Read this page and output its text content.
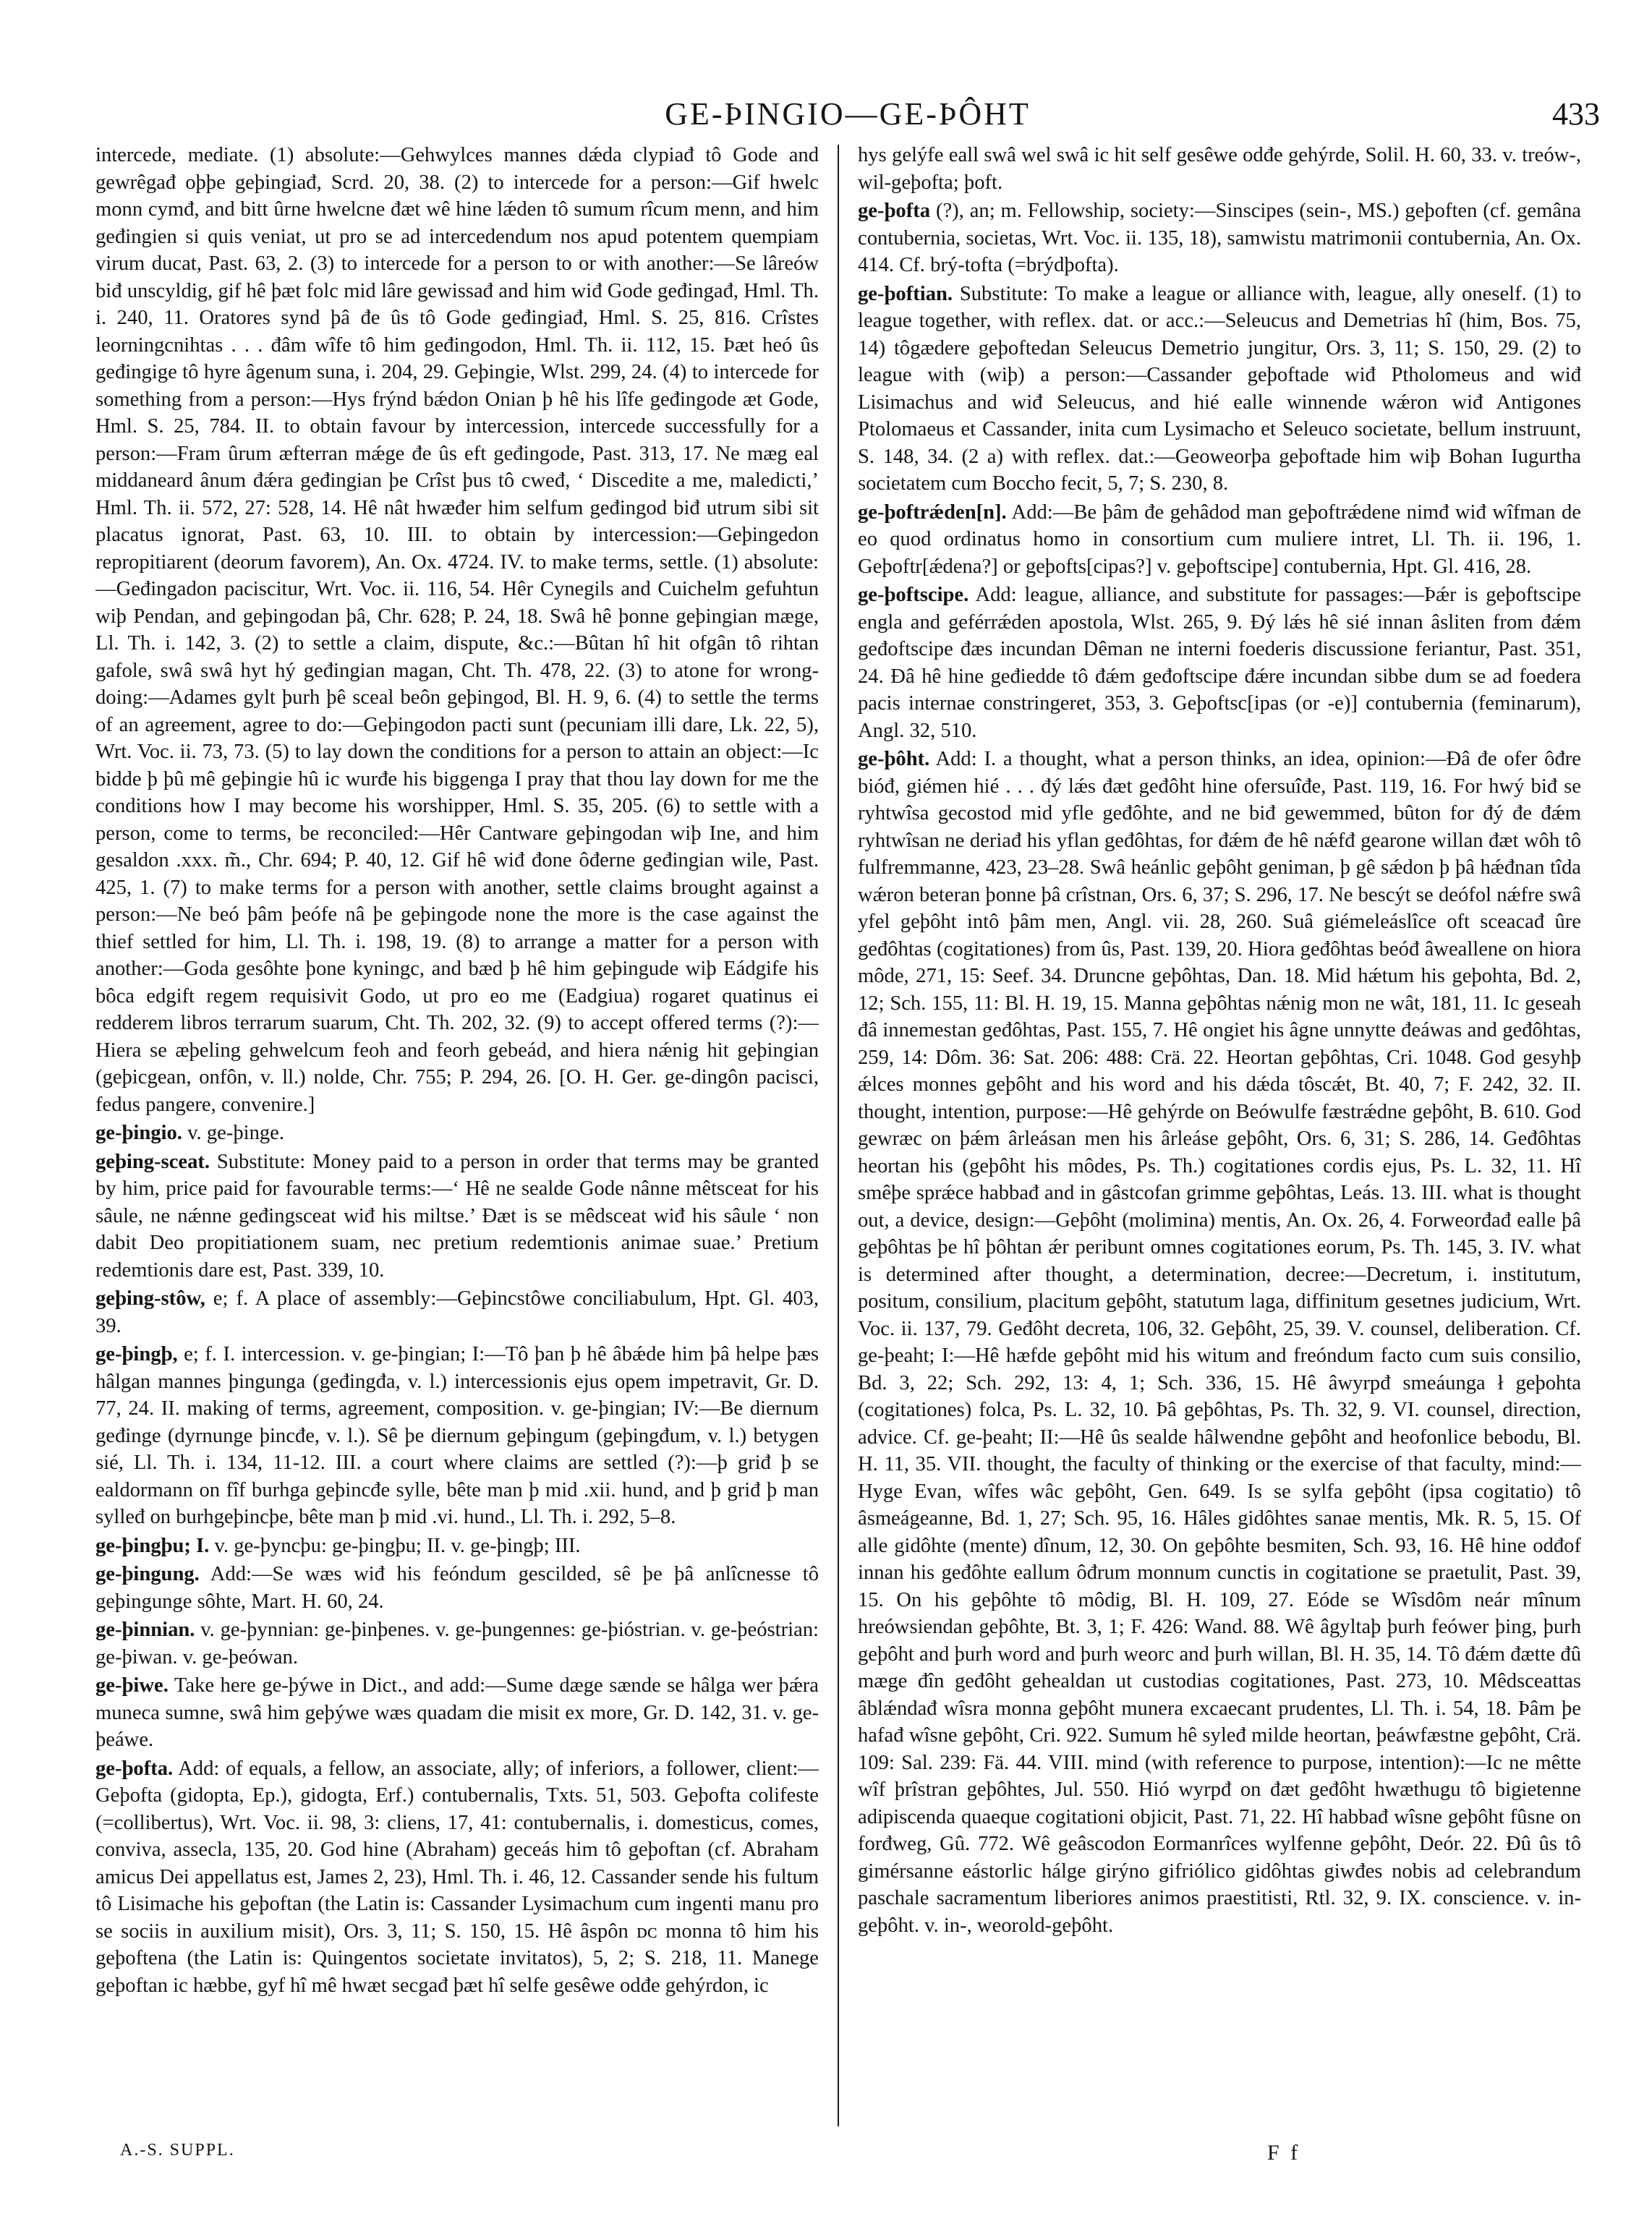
GE-ÞINGIO—GE-ÞÔHT	433

intercede, mediate. (1) absolute:—Gehwylces mannes dǽda clypiađ tô Gode and gewrêgađ oþþe geþingiađ, Scrd. 20, 38. (2) to intercede for a person:—Gif hwelc monn cymđ, and bitt ûrne hwelcne đæt wê hine lǽden tô sumum rîcum menn, and him geđingien si quis veniat, ut pro se ad intercedendum nos apud potentem quempiam virum ducat, Past. 63, 2. (3) to intercede for a person to or with another:—Se lâreów biđ unscyldig, gif hê þæt folc mid lâre gewissađ and him wiđ Gode geđingađ, Hml. Th. i. 240, 11. Oratores synd þâ đe ûs tô Gode geđingiađ, Hml. S. 25, 816. Crîstes leorningcnihtas . . . đâm wîfe tô him geđingodon, Hml. Th. ii. 112, 15. Þæt heó ûs geđingige tô hyre âgenum suna, i. 204, 29. Geþingie, Wlst. 299, 24. (4) to intercede for something from a person:—Hys frýnd bǽdon Onian þ hê his lîfe geđingode æt Gode, Hml. S. 25, 784. II. to obtain favour by intercession, intercede successfully for a person:—Fram ûrum æfterran mǽge đe ûs eft geđingode, Past. 313, 17. Ne mæg eal middaneard ânum đǽra geđingian þe Crîst þus tô cweđ, ‘ Discedite a me, maledicti,’ Hml. Th. ii. 572, 27: 528, 14. Hê nât hwæđer him selfum geđingod biđ utrum sibi sit placatus ignorat, Past. 63, 10. III. to obtain by intercession:—Geþingedon repropitiarent (deorum favorem), An. Ox. 4724. IV. to make terms, settle. (1) absolute:—Geđingadon paciscitur, Wrt. Voc. ii. 116, 54. Hêr Cynegils and Cuichelm gefuhtun wiþ Pendan, and geþingodan þâ, Chr. 628; P. 24, 18. Swâ hê þonne geþingian mæge, Ll. Th. i. 142, 3. (2) to settle a claim, dispute, &c.:—Bûtan hî hit ofgân tô rihtan gafole, swâ swâ hyt hý geđingian magan, Cht. Th. 478, 22. (3) to atone for wrong-doing:—Adames gylt þurh þê sceal beôn geþingod, Bl. H. 9, 6. (4) to settle the terms of an agreement, agree to do:—Geþingodon pacti sunt (pecuniam illi dare, Lk. 22, 5), Wrt. Voc. ii. 73, 73. (5) to lay down the conditions for a person to attain an object:—Ic bidde þ þû mê geþingie hû ic wurđe his biggenga I pray that thou lay down for me the conditions how I may become his worshipper, Hml. S. 35, 205. (6) to settle with a person, come to terms, be reconciled:—Hêr Cantware geþingodan wiþ Ine, and him gesaldon .xxx. m̃., Chr. 694; P. 40, 12. Gif hê wiđ đone ôđerne geđingian wile, Past. 425, 1. (7) to make terms for a person with another, settle claims brought against a person:—Ne beó þâm þeófe nâ þe geþingode none the more is the case against the thief settled for him, Ll. Th. i. 198, 19. (8) to arrange a matter for a person with another:—Goda gesôhte þone kyningc, and bæd þ hê him geþingude wiþ Eádgife his bôca edgift regem requisivit Godo, ut pro eo me (Eadgiua) rogaret quatinus ei redderem libros terrarum suarum, Cht. Th. 202, 32. (9) to accept offered terms (?):—Hiera se æþeling gehwelcum feoh and feorh gebeád, and hiera nǽnig hit geþingian (geþicgean, onfôn, v. ll.) nolde, Chr. 755; P. 294, 26. [O. H. Ger. ge-dingôn pacisci, fedus pangere, convenire.]

ge-þingio. v. ge-þinge.

geþing-sceat. Substitute: Money paid to a person in order that terms may be granted by him, price paid for favourable terms:—‘ Hê ne sealde Gode nânne mêtsceat for his sâule, ne nǽnne geđingsceat wiđ his miltse.’ Đæt is se mêdsceat wiđ his sâule ‘ non dabit Deo propitiationem suam, nec pretium redemtionis animae suae.’ Pretium redemtionis dare est, Past. 339, 10.

geþing-stôw, e; f. A place of assembly:—Geþincstôwe conciliabulum, Hpt. Gl. 403, 39.

ge-þingþ, e; f. I. intercession. v. ge-þingian; I:—Tô þan þ hê âbǽde him þâ helpe þæs hâlgan mannes þingunga (geđingđa, v. l.) intercessionis ejus opem impetravit, Gr. D. 77, 24. II. making of terms, agreement, composition. v. ge-þingian; IV:—Be diernum geđinge (dyrnunge þincđe, v. l.). Sê þe diernum geþingum (geþingđum, v. l.) betygen sié, Ll. Th. i. 134, 11-12. III. a court where claims are settled (?):—þ griđ þ se ealdormann on fîf burhga geþincđe sylle, bête man þ mid .xii. hund, and þ griđ þ man sylleđ on burhgeþincþe, bête man þ mid .vi. hund., Ll. Th. i. 292, 5–8.

ge-þingþu; I. v. ge-þyncþu: ge-þingþu; II. v. ge-þingþ; III.

ge-þingung. Add:—Se wæs wiđ his feóndum gescilded, sê þe þâ anlîcnesse tô geþingunge sôhte, Mart. H. 60, 24.

ge-þinnian. v. ge-þynnian: ge-þinþenes. v. ge-þungennes: ge-þióstrian. v. ge-þeóstrian: ge-þiwan. v. ge-þeówan.

ge-þiwe. Take here ge-þýwe in Dict., and add:—Sume dæge sænde se hâlga wer þǽra muneca sumne, swâ him geþýwe wæs quadam die misit ex more, Gr. D. 142, 31. v. ge-þeáwe.

ge-þofta. Add: of equals, a fellow, an associate, ally; of inferiors, a follower, client:—Geþofta (gidopta, Ep.), gidogta, Erf.) contubernalis, Txts. 51, 503. Geþofta colifeste (=collibertus), Wrt. Voc. ii. 98, 3: cliens, 17, 41: contubernalis, i. domesticus, comes, conviva, assecla, 135, 20. God hine (Abraham) geceás him tô geþoftan (cf. Abraham amicus Dei appellatus est, James 2, 23), Hml. Th. i. 46, 12. Cassander sende his fultum tô Lisimache his geþoftan (the Latin is: Cassander Lysimachum cum ingenti manu pro se sociis in auxilium misit), Ors. 3, 11; S. 150, 15. Hê âspôn ᴅᴄ monna tô him his geþoftena (the Latin is: Quingentos societate invitatos), 5, 2; S. 218, 11. Manege geþoftan ic hæbbe, gyf hî mê hwæt secgađ þæt hî selfe gesêwe odđe gehýrdon, ic

hys gelýfe eall swâ wel swâ ic hit self gesêwe odđe gehýrde, Solil. H. 60, 33. v. treów-, wil-geþofta; þoft.

ge-þofta (?), an; m. Fellowship, society:—Sinscipes (sein-, MS.) geþoften (cf. gemâna contubernia, societas, Wrt. Voc. ii. 135, 18), samwistu matrimonii contubernia, An. Ox. 414. Cf. brý-tofta (=brýdþofta).

ge-þoftian. Substitute: To make a league or alliance with, league, ally oneself. (1) to league together, with reflex. dat. or acc.:—Seleucus and Demetrias hî (him, Bos. 75, 14) tôgædere geþoftedan Seleucus Demetrio jungitur, Ors. 3, 11; S. 150, 29. (2) to league with (wiþ) a person:—Cassander geþoftade wiđ Ptholomeus and wiđ Lisimachus and wiđ Seleucus, and hié ealle winnende wǽron wiđ Antigones Ptolomaeus et Cassander, inita cum Lysimacho et Seleuco societate, bellum instruunt, S. 148, 34. (2 a) with reflex. dat.:—Geoweorþa geþoftade him wiþ Bohan Iugurtha societatem cum Boccho fecit, 5, 7; S. 230, 8.

ge-þoftrǽden[n]. Add:—Be þâm đe gehâdod man geþoftrǽdene nimđ wiđ wîfman de eo quod ordinatus homo in consortium cum muliere intret, Ll. Th. ii. 196, 1. Geþoftr[ǽdena?] or geþofts[cipas?] v. geþoftscipe] contubernia, Hpt. Gl. 416, 28.

ge-þoftscipe. Add: league, alliance, and substitute for passages:—Þǽr is geþoftscipe engla and geférrǽden apostola, Wlst. 265, 9. Đý lǽs hê sié innan âsliten from đǽm geđoftscipe đæs incundan Dêman ne interni foederis discussione feriantur, Past. 351, 24. Đâ hê hine geđiedde tô đǽm geđoftscipe đǽre incundan sibbe dum se ad foedera pacis internae constringeret, 353, 3. Geþoftsc[ipas (or -e)] contubernia (feminarum), Angl. 32, 510.

ge-þôht. Add: I. a thought, what a person thinks, an idea, opinion:—Đâ đe ofer ôđre bióđ, giémen hié . . . đý lǽs đæt geđôht hine ofersuîđe, Past. 119, 16. For hwý biđ se ryhtwîsa gecostod mid yfle geđôhte, and ne biđ gewemmed, bûton for đý đe đǽm ryhtwîsan ne deriađ his yflan geđôhtas, for đǽm đe hê nǽfđ gearone willan đæt wôh tô fulfremmanne, 423, 23–28. Swâ heánlic geþôht geniman, þ gê sǽdon þ þâ hǽđnan tîda wǽron beteran þonne þâ crîstnan, Ors. 6, 37; S. 296, 17. Ne bescýt se deófol nǽfre swâ yfel geþôht intô þâm men, Angl. vii. 28, 260. Suâ giémeleáslîce oft sceacađ ûre geđôhtas (cogitationes) from ûs, Past. 139, 20. Hiora geđôhtas beóđ âweallene on hiora môde, 271, 15: Seef. 34. Druncne geþôhtas, Dan. 18. Mid hǽtum his geþohta, Bd. 2, 12; Sch. 155, 11: Bl. H. 19, 15. Manna geþôhtas nǽnig mon ne wât, 181, 11. Ic geseah đâ innemestan geđôhtas, Past. 155, 7. Hê ongiet his âgne unnytte đeáwas and geđôhtas, 259, 14: Dôm. 36: Sat. 206: 488: Crä. 22. Heortan geþôhtas, Cri. 1048. God gesyhþ ǽlces monnes geþôht and his word and his dǽda tôscǽt, Bt. 40, 7; F. 242, 32. II. thought, intention, purpose:—Hê gehýrde on Beówulfe fæstrǽdne geþôht, B. 610. God gewræc on þǽm ârleásan men his ârleáse geþôht, Ors. 6, 31; S. 286, 14. Geđôhtas heortan his (geþôht his môdes, Ps. Th.) cogitationes cordis ejus, Ps. L. 32, 11. Hî smêþe sprǽce habbađ and in gâstcofan grimme geþôhtas, Leás. 13. III. what is thought out, a device, design:—Geþôht (molimina) mentis, An. Ox. 26, 4. Forweorđađ ealle þâ geþôhtas þe hî þôhtan ǽr peribunt omnes cogitationes eorum, Ps. Th. 145, 3. IV. what is determined after thought, a determination, decree:—Decretum, i. institutum, positum, consilium, placitum geþôht, statutum laga, diffinitum gesetnes judicium, Wrt. Voc. ii. 137, 79. Geđôht decreta, 106, 32. Geþôht, 25, 39. V. counsel, deliberation. Cf. ge-þeaht; I:—Hê hæfde geþôht mid his witum and freóndum facto cum suis consilio, Bd. 3, 22; Sch. 292, 13: 4, 1; Sch. 336, 15. Hê âwyrpđ smeáunga ł geþohta (cogitationes) folca, Ps. L. 32, 10. Þâ geþôhtas, Ps. Th. 32, 9. VI. counsel, direction, advice. Cf. ge-þeaht; II:—Hê ûs sealde hâlwendne geþôht and heofonlice bebodu, Bl. H. 11, 35. VII. thought, the faculty of thinking or the exercise of that faculty, mind:—Hyge Evan, wîfes wâc geþôht, Gen. 649. Is se sylfa geþôht (ipsa cogitatio) tô âsmeágeanne, Bd. 1, 27; Sch. 95, 16. Hâles gidôhtes sanae mentis, Mk. R. 5, 15. Of alle gidôhte (mente) dînum, 12, 30. On geþôhte besmiten, Sch. 93, 16. Hê hine odđof innan his geđôhte eallum ôđrum monnum cunctis in cogitatione se praetulit, Past. 39, 15. On his geþôhte tô môdig, Bl. H. 109, 27. Eóde se Wîsdôm neár mînum hreówsiendan geþôhte, Bt. 3, 1; F. 426: Wand. 88. Wê âgyltaþ þurh feówer þing, þurh geþôht and þurh word and þurh weorc and þurh willan, Bl. H. 35, 14. Tô đǽm đætte đû mæge đîn geđôht gehealdan ut custodias cogitationes, Past. 273, 10. Mêdsceattas âblǽndađ wîsra monna geþôht munera excaecant prudentes, Ll. Th. i. 54, 18. Þâm þe hafađ wîsne geþôht, Cri. 922. Sumum hê syleđ milde heortan, þeáwfæstne geþôht, Crä. 109: Sal. 239: Fä. 44. VIII. mind (with reference to purpose, intention):—Ic ne mêtte wîf þrîstran geþôhtes, Jul. 550. Hió wyrpđ on đæt geđôht hwæthugu tô bigietenne adipiscenda quaeque cogitationi objicit, Past. 71, 22. Hî habbađ wîsne geþôht fûsne on forđweg, Gû. 772. Wê geâscodon Eormanrîces wylfenne geþôht, Deór. 22. Đû ûs tô gimérsanne eástorlic hálge girýno gifriólico gidôhtas giwđes nobis ad celebrandum paschale sacramentum liberiores animos praestitisti, Rtl. 32, 9. IX. conscience. v. in-geþôht. v. in-, weorold-geþôht.

A.-S. SUPPL.	F f
